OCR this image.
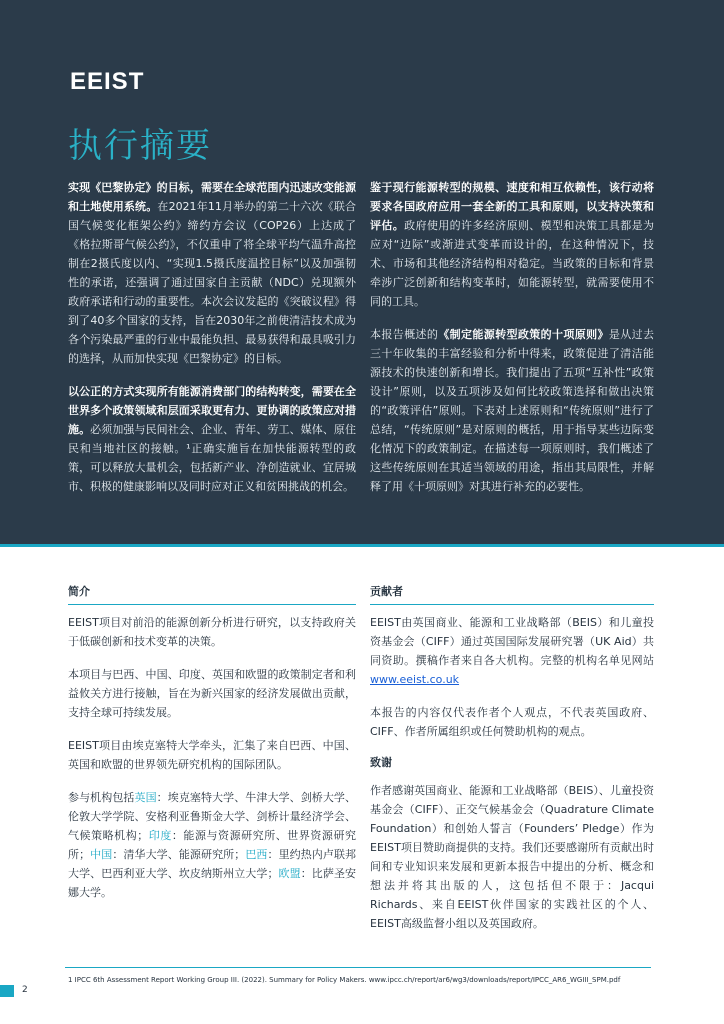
EEIST
执行摘要

实现《巴黎协定》的目标，需要在全球范围内迅速改变能源和土地使用系统。在2021年11月举办的第二十六次《联合国气候变化框架公约》缔约方会议（COP26）上达成了《格拉斯哥气候公约》，不仅重申了将全球平均气温升高控制在2摄氏度以内、“实现1.5摄氏度温控目标”以及加强韧性的承诺，还强调了通过国家自主贡献（NDC）兑现额外政府承诺和行动的重要性。本次会议发起的《突破议程》得到了40多个国家的支持，旨在2030年之前使清洁技术成为各个污染最严重的行业中最能负担、最易获得和最具吸引力的选择，从而加快实现《巴黎协定》的目标。

以公正的方式实现所有能源消费部门的结构转变，需要在全世界多个政策领域和层面采取更有力、更协调的政策应对措施。必须加强与民间社会、企业、青年、劳工、媒体、原住民和当地社区的接触。¹正确实施旨在加快能源转型的政策，可以释放大量机会，包括新产业、净创造就业、宜居城市、积极的健康影响以及同时应对正义和贫困挑战的机会。

鉴于现行能源转型的规模、速度和相互依赖性，该行动将要求各国政府应用一套全新的工具和原则，以支持决策和评估。政府使用的许多经济原则、模型和决策工具都是为应对“边际”或渐进式变革而设计的，在这种情况下，技术、市场和其他经济结构相对稳定。当政策的目标和背景牵涉广泛创新和结构变革时，如能源转型，就需要使用不同的工具。

本报告概述的《制定能源转型政策的十项原则》是从过去三十年收集的丰富经验和分析中得来，政策促进了清洁能源技术的快速创新和增长。我们提出了五项“互补性”政策设计”原则，以及五项涉及如何比较政策选择和做出决策的“政策评估”原则。下表对上述原则和“传统原则”进行了总结，“传统原则”是对原则的概括，用于指导某些边际变化情况下的政策制定。在描述每一项原则时，我们概述了这些传统原则在其适当领域的用途，指出其局限性，并解释了用《十项原则》对其进行补充的必要性。

简介

EEIST项目对前沿的能源创新分析进行研究，以支持政府关于低碳创新和技术变革的决策。

本项目与巴西、中国、印度、英国和欧盟的政策制定者和利益攸关方进行接触，旨在为新兴国家的经济发展做出贡献，支持全球可持续发展。

EEIST项目由埃克塞特大学牵头，汇集了来自巴西、中国、英国和欧盟的世界领先研究机构的国际团队。

参与机构包括英国：埃克塞特大学、牛津大学、剑桥大学、伦敦大学学院、安格利亚鲁斯金大学、剑桥计量经济学会、气候策略机构；印度：能源与资源研究所、世界资源研究所；中国：清华大学、能源研究所；巴西：里约热内卢联邦大学、巴西利亚大学、坎皮纳斯州立大学；欧盟：比萨圣安娜大学。

贡献者

EEIST由英国商业、能源和工业战略部（BEIS）和儿童投资基金会（CIFF）通过英国国际发展研究署（UK Aid）共同资助。撰稿作者来自各大机构。完整的机构名单见网站www.eeist.co.uk

本报告的内容仅代表作者个人观点，不代表英国政府、CIFF、作者所属组织或任何赞助机构的观点。

致谢

作者感谢英国商业、能源和工业战略部（BEIS）、儿童投资基金会（CIFF）、正交气候基金会（Quadrature Climate Foundation）和创始人誓言（Founders’ Pledge）作为EEIST项目赞助商提供的支持。我们还要感谢所有贡献出时间和专业知识来发展和更新本报告中提出的分析、概念和想法并将其出版的人，这包括但不限于：Jacqui Richards、来自EEIST伙伴国家的实践社区的个人、EEIST高级监督小组以及英国政府。

1 IPCC 6th Assessment Report Working Group III. (2022). Summary for Policy Makers. www.ipcc.ch/report/ar6/wg3/downloads/report/IPCC_AR6_WGIII_SPM.pdf
2
